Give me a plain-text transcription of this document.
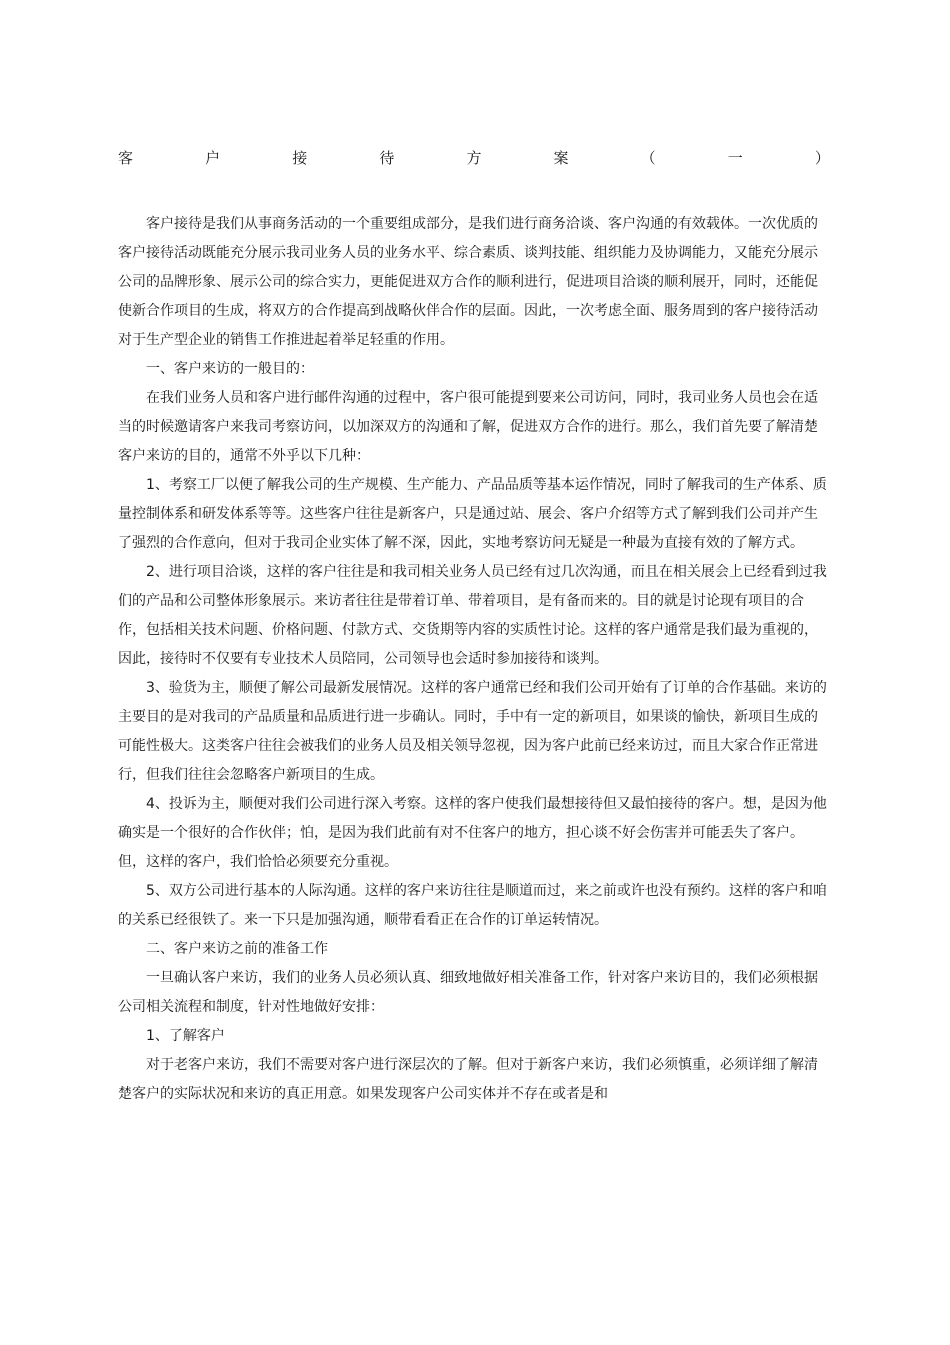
客	户	接	待	方	案	（	一	）

客户接待是我们从事商务活动的一个重要组成部分，是我们进行商务洽谈、客户沟通的有效载体。一次优质的客户接待活动既能充分展示我司业务人员的业务水平、综合素质、谈判技能、组织能力及协调能力，又能充分展示公司的品牌形象、展示公司的综合实力，更能促进双方合作的顺利进行，促进项目洽谈的顺利展开，同时，还能促使新合作项目的生成，将双方的合作提高到战略伙伴合作的层面。因此，一次考虑全面、服务周到的客户接待活动对于生产型企业的销售工作推进起着举足轻重的作用。

一、客户来访的一般目的：

在我们业务人员和客户进行邮件沟通的过程中，客户很可能提到要来公司访问，同时，我司业务人员也会在适当的时候邀请客户来我司考察访问，以加深双方的沟通和了解，促进双方合作的进行。那么，我们首先要了解清楚客户来访的目的，通常不外乎以下几种：

1、考察工厂以便了解我公司的生产规模、生产能力、产品品质等基本运作情况，同时了解我司的生产体系、质量控制体系和研发体系等等。这些客户往往是新客户，只是通过站、展会、客户介绍等方式了解到我们公司并产生了强烈的合作意向，但对于我司企业实体了解不深，因此，实地考察访问无疑是一种最为直接有效的了解方式。

2、进行项目洽谈，这样的客户往往是和我司相关业务人员已经有过几次沟通，而且在相关展会上已经看到过我们的产品和公司整体形象展示。来访者往往是带着订单、带着项目，是有备而来的。目的就是讨论现有项目的合作，包括相关技术问题、价格问题、付款方式、交货期等内容的实质性讨论。这样的客户通常是我们最为重视的，因此，接待时不仅要有专业技术人员陪同，公司领导也会适时参加接待和谈判。

3、验货为主，顺便了解公司最新发展情况。这样的客户通常已经和我们公司开始有了订单的合作基础。来访的主要目的是对我司的产品质量和品质进行进一步确认。同时，手中有一定的新项目，如果谈的愉快，新项目生成的可能性极大。这类客户往往会被我们的业务人员及相关领导忽视，因为客户此前已经来访过，而且大家合作正常进行，但我们往往会忽略客户新项目的生成。

4、投诉为主，顺便对我们公司进行深入考察。这样的客户使我们最想接待但又最怕接待的客户。想，是因为他确实是一个很好的合作伙伴；怕，是因为我们此前有对不住客户的地方，担心谈不好会伤害并可能丢失了客户。但，这样的客户，我们恰恰必须要充分重视。

5、双方公司进行基本的人际沟通。这样的客户来访往往是顺道而过，来之前或许也没有预约。这样的客户和咱的关系已经很铁了。来一下只是加强沟通，顺带看看正在合作的订单运转情况。

二、客户来访之前的准备工作

一旦确认客户来访，我们的业务人员必须认真、细致地做好相关准备工作，针对客户来访目的，我们必须根据公司相关流程和制度，针对性地做好安排：

1、了解客户

对于老客户来访，我们不需要对客户进行深层次的了解。但对于新客户来访，我们必须慎重，必须详细了解清楚客户的实际状况和来访的真正用意。如果发现客户公司实体并不存在或者是和
